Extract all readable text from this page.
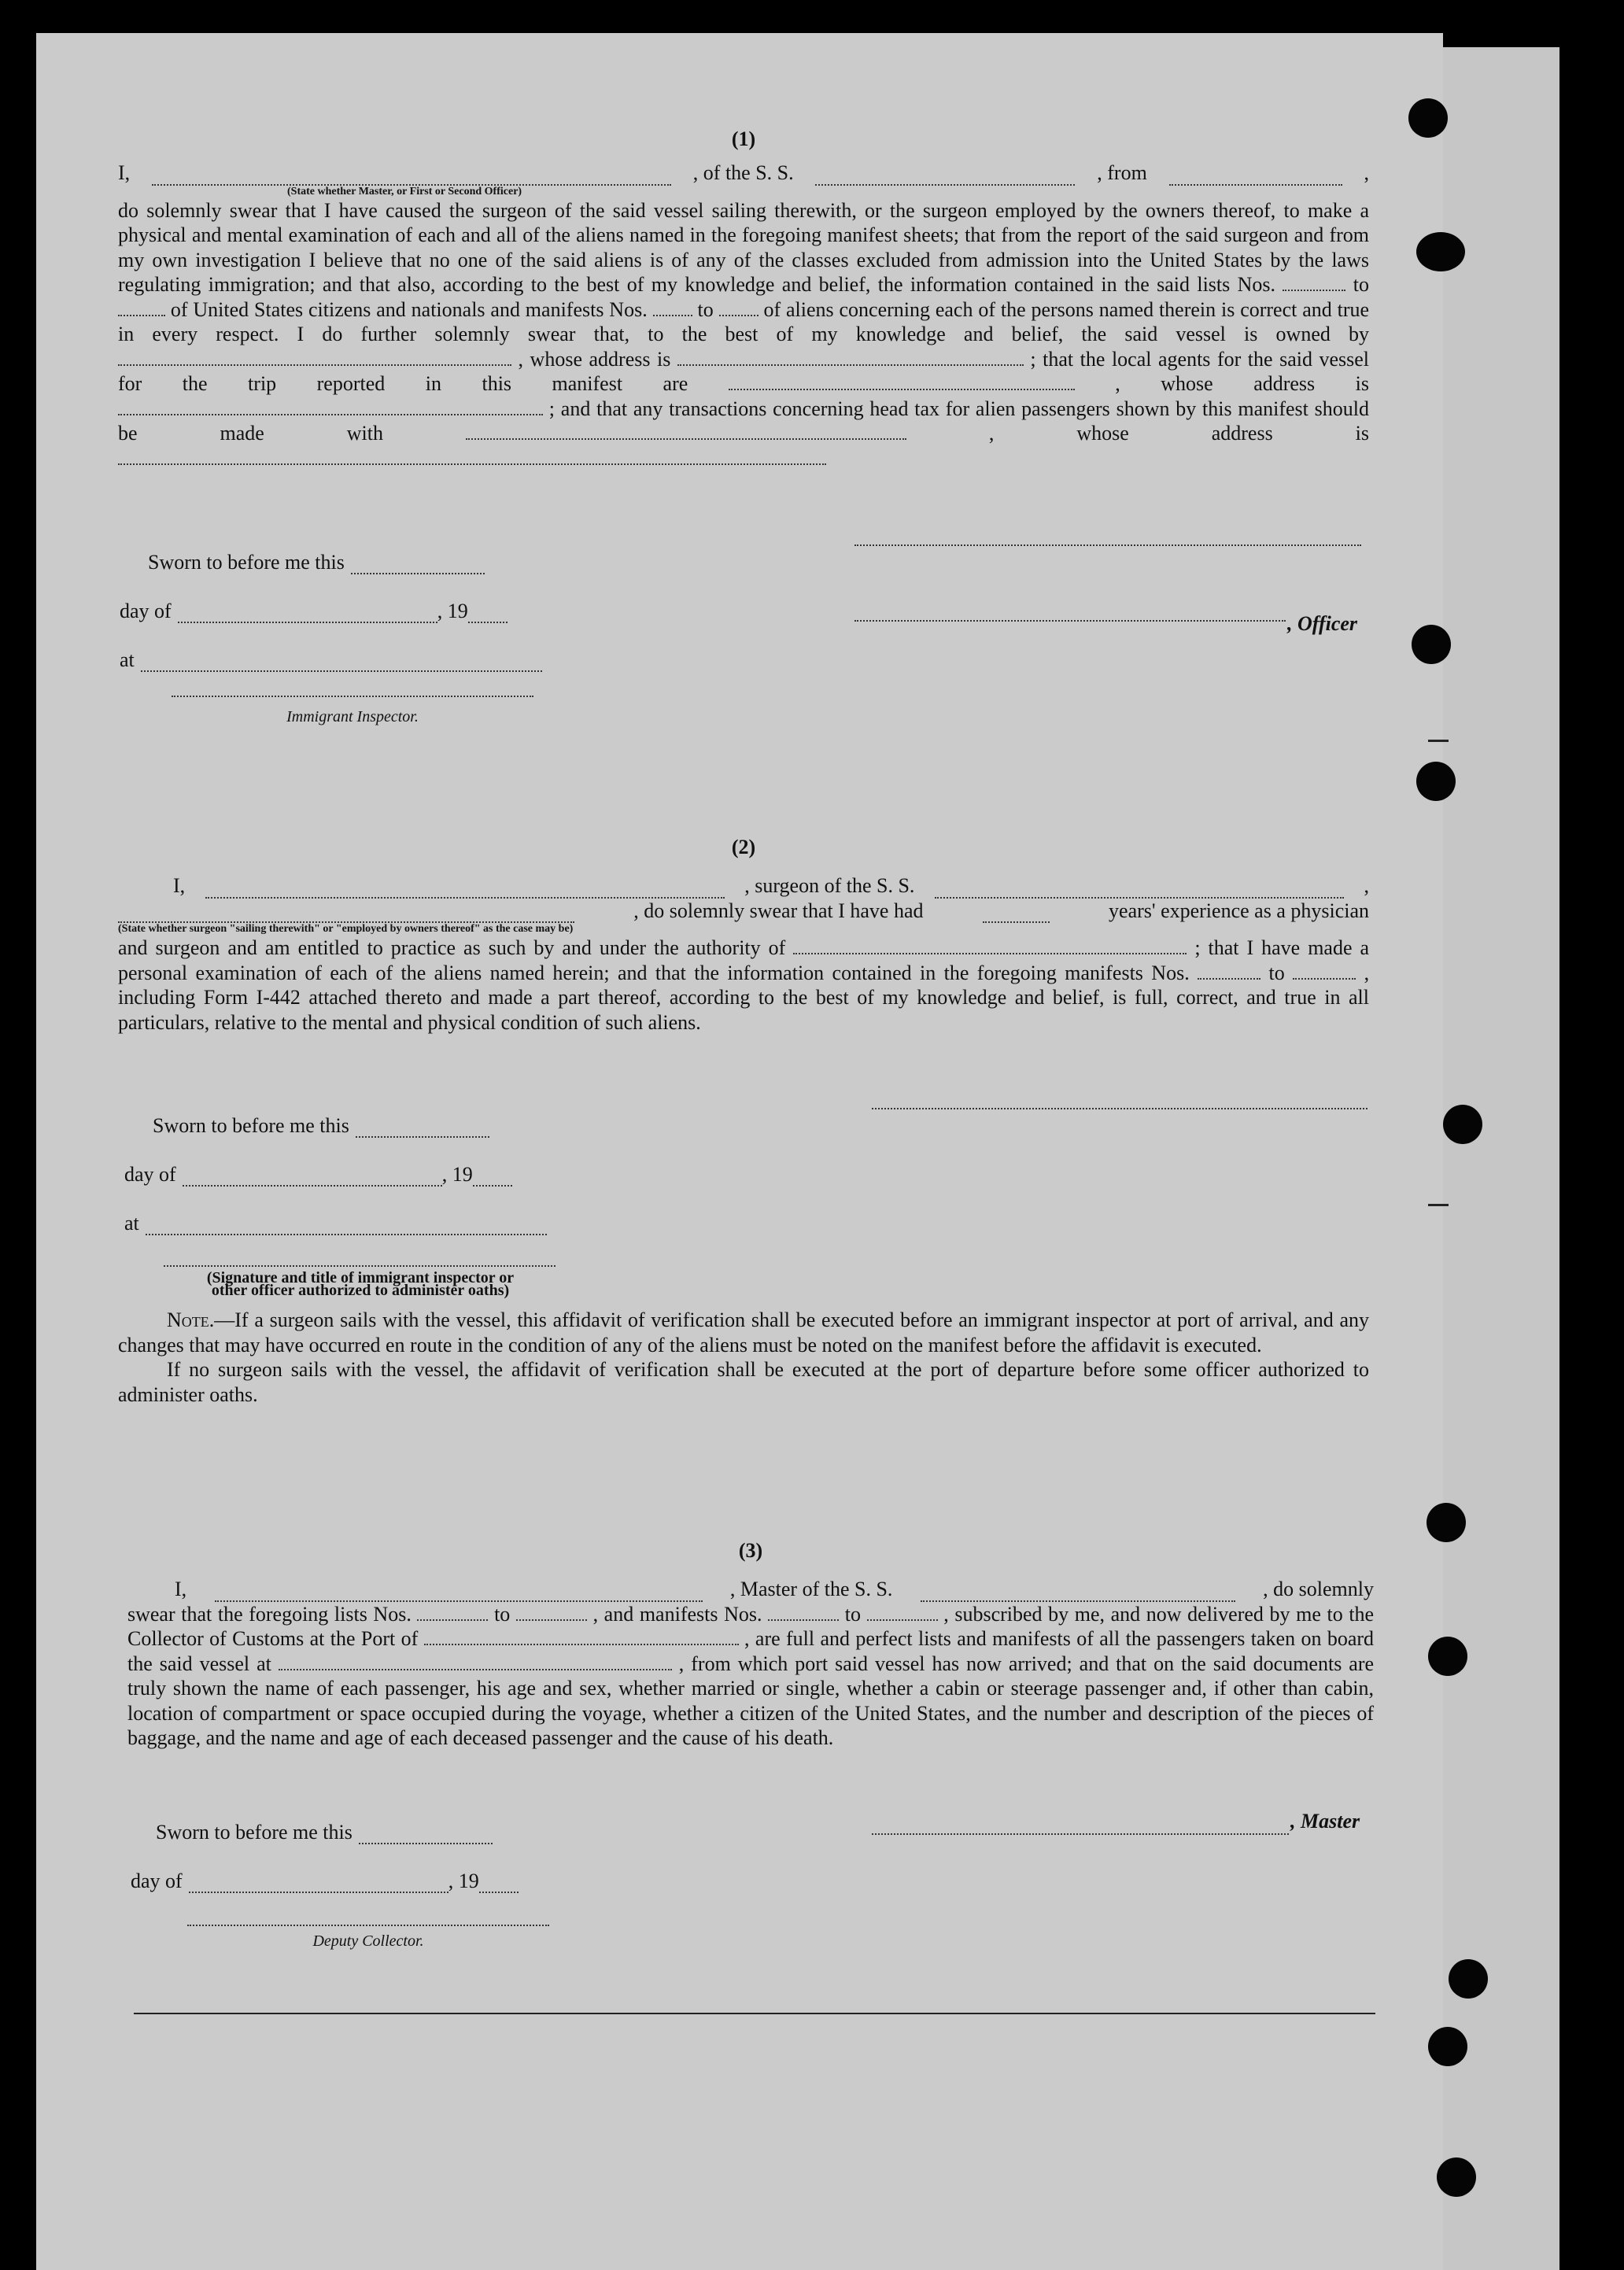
(1)
I,	, of the S. S.	, from	,
(State whether Master, or First or Second Officer)
do solemnly swear that I have caused the surgeon of the said vessel sailing therewith, or the surgeon employed by the owners thereof, to make a physical and mental examination of each and all of the aliens named in the foregoing manifest sheets; that from the report of the said surgeon and from my own investigation I believe that no one of the said aliens is of any of the classes excluded from admission into the United States by the laws regulating immigration; and that also, according to the best of my knowledge and belief, the information contained in the said lists Nos.	to  of United States citizens and nationals and manifests Nos. to of aliens concerning each of the persons named therein is correct and true in every respect. I do further solemnly swear that, to the best of my knowledge and belief, the said vessel is owned by  , whose address is	; that the local agents for the said vessel for the trip reported in this manifest are	, whose address is  ; and that any transactions concerning head tax for alien passengers shown by this manifest should be made with	, whose address is
Sworn to before me this
day of	, 19
at
, Officer
Immigrant Inspector.
(2)
I,	, surgeon of the S. S.	,
, do solemnly swear that I have had	years' experience as a physician
(State whether surgeon "sailing therewith" or "employed by owners thereof" as the case may be)
and surgeon and am entitled to practice as such by and under the authority of	; that I have made a personal examination of each of the aliens named herein; and that the information contained in the foregoing manifests Nos.	to	, including Form I-442 attached thereto and made a part thereof, according to the best of my knowledge and belief, is full, correct, and true in all particulars, relative to the mental and physical condition of such aliens.
Sworn to before me this
day of	, 19
at
(Signature and title of immigrant inspector or other officer authorized to administer oaths)
Note.—If a surgeon sails with the vessel, this affidavit of verification shall be executed before an immigrant inspector at port of arrival, and any changes that may have occurred en route in the condition of any of the aliens must be noted on the manifest before the affidavit is executed.
If no surgeon sails with the vessel, the affidavit of verification shall be executed at the port of departure before some officer authorized to administer oaths.
(3)
I,	, Master of the S. S.	, do solemnly
swear that the foregoing lists Nos.	to	, and manifests Nos.	to	, subscribed by me, and now delivered by me to the Collector of Customs at the Port of	, are full and perfect lists and manifests of all the passengers taken on board the said vessel at	, from which port said vessel has now arrived; and that on the said documents are truly shown the name of each passenger, his age and sex, whether married or single, whether a cabin or steerage passenger and, if other than cabin, location of compartment or space occupied during the voyage, whether a citizen of the United States, and the number and description of the pieces of baggage, and the name and age of each deceased passenger and the cause of his death.
Sworn to before me this
day of	, 19
, Master
Deputy Collector.
